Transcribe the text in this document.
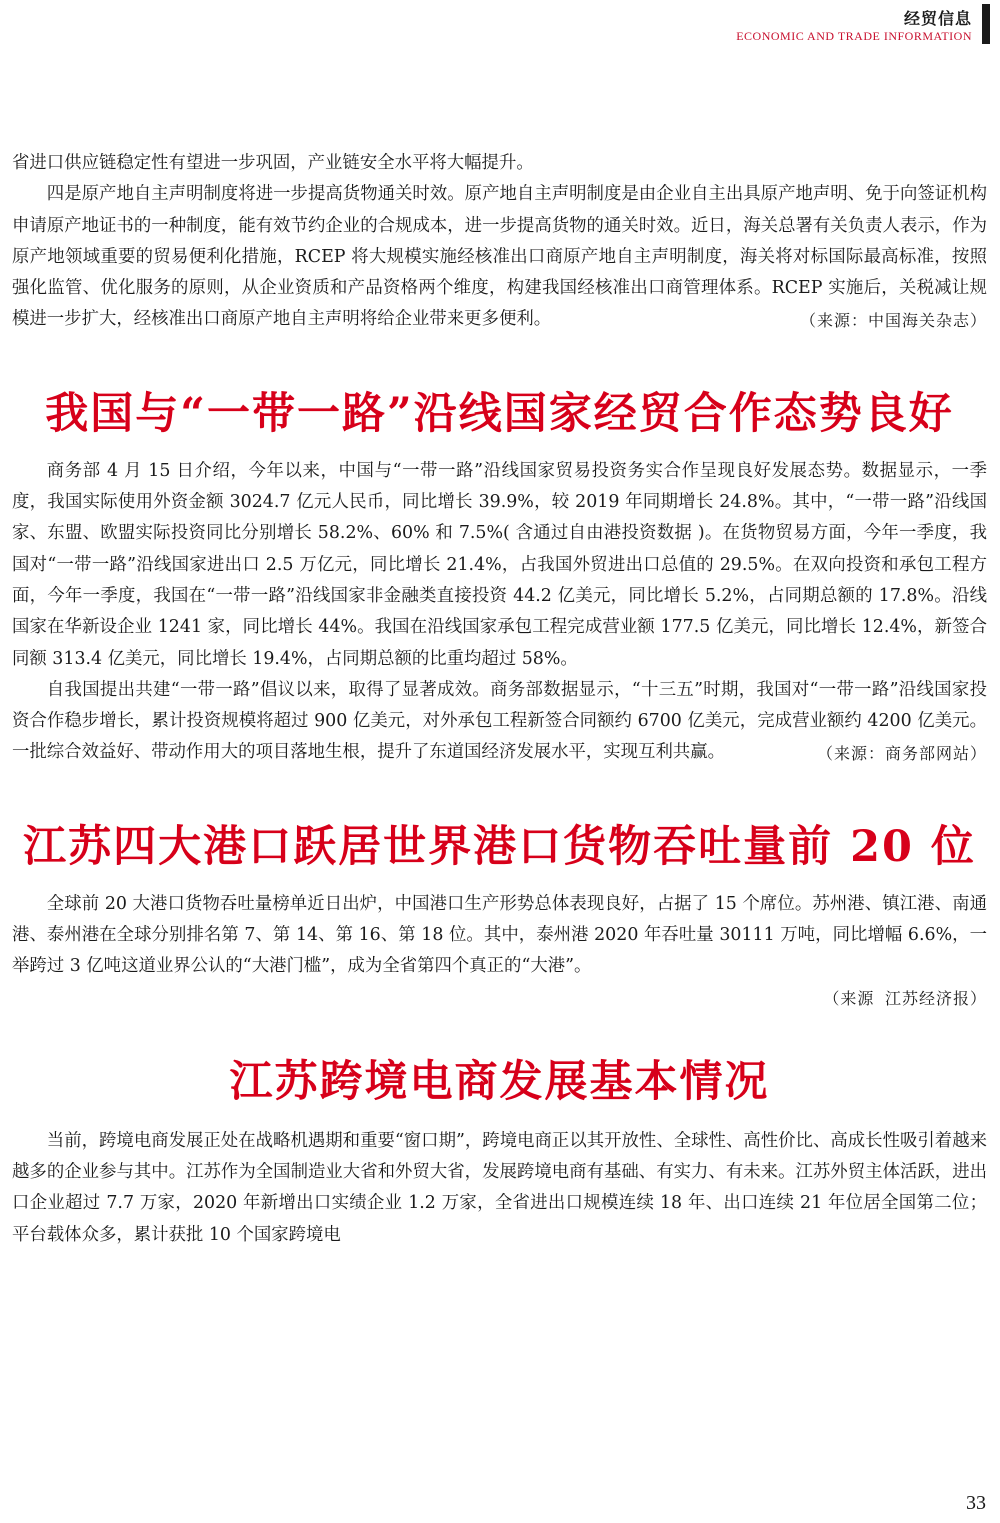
经贸信息
ECONOMIC AND TRADE INFORMATION

省进口供应链稳定性有望进一步巩固，产业链安全水平将大幅提升。

四是原产地自主声明制度将进一步提高货物通关时效。原产地自主声明制度是由企业自主出具原产地声明、免于向签证机构申请原产地证书的一种制度，能有效节约企业的合规成本，进一步提高货物的通关时效。近日，海关总署有关负责人表示，作为原产地领域重要的贸易便利化措施，RCEP 将大规模实施经核准出口商原产地自主声明制度，海关将对标国际最高标准，按照强化监管、优化服务的原则，从企业资质和产品资格两个维度，构建我国经核准出口商管理体系。RCEP 实施后，关税减让规模进一步扩大，经核准出口商原产地自主声明将给企业带来更多便利。	（来源：中国海关杂志）
我国与“一带一路”沿线国家经贸合作态势良好

商务部 4 月 15 日介绍，今年以来，中国与“一带一路”沿线国家贸易投资务实合作呈现良好发展态势。数据显示，一季度，我国实际使用外资金额 3024.7 亿元人民币，同比增长 39.9%，较 2019 年同期增长 24.8%。其中，“一带一路”沿线国家、东盟、欧盟实际投资同比分别增长 58.2%、60% 和 7.5%( 含通过自由港投资数据 )。在货物贸易方面，今年一季度，我国对“一带一路”沿线国家进出口 2.5 万亿元，同比增长 21.4%，占我国外贸进出口总值的 29.5%。在双向投资和承包工程方面，今年一季度，我国在“一带一路”沿线国家非金融类直接投资 44.2 亿美元，同比增长 5.2%，占同期总额的 17.8%。沿线国家在华新设企业 1241 家，同比增长 44%。我国在沿线国家承包工程完成营业额 177.5 亿美元，同比增长 12.4%，新签合同额 313.4 亿美元，同比增长 19.4%，占同期总额的比重均超过 58%。

自我国提出共建“一带一路”倡议以来，取得了显著成效。商务部数据显示，“十三五”时期，我国对“一带一路”沿线国家投资合作稳步增长，累计投资规模将超过 900 亿美元，对外承包工程新签合同额约 6700 亿美元，完成营业额约 4200 亿美元。一批综合效益好、带动作用大的项目落地生根，提升了东道国经济发展水平，实现互利共赢。	（来源：商务部网站）
江苏四大港口跃居世界港口货物吞吐量前 20 位

全球前 20 大港口货物吞吐量榜单近日出炉，中国港口生产形势总体表现良好，占据了 15 个席位。苏州港、镇江港、南通港、泰州港在全球分别排名第 7、第 14、第 16、第 18 位。其中，泰州港 2020 年吞吐量 30111 万吨，同比增幅 6.6%，一举跨过 3 亿吨这道业界公认的“大港门槛”，成为全省第四个真正的“大港”。

（来源 江苏经济报）
江苏跨境电商发展基本情况

当前，跨境电商发展正处在战略机遇期和重要“窗口期”，跨境电商正以其开放性、全球性、高性价比、高成长性吸引着越来越多的企业参与其中。江苏作为全国制造业大省和外贸大省，发展跨境电商有基础、有实力、有未来。江苏外贸主体活跃，进出口企业超过 7.7 万家，2020 年新增出口实绩企业 1.2 万家，全省进出口规模连续 18 年、出口连续 21 年位居全国第二位；平台载体众多，累计获批 10 个国家跨境电

33
